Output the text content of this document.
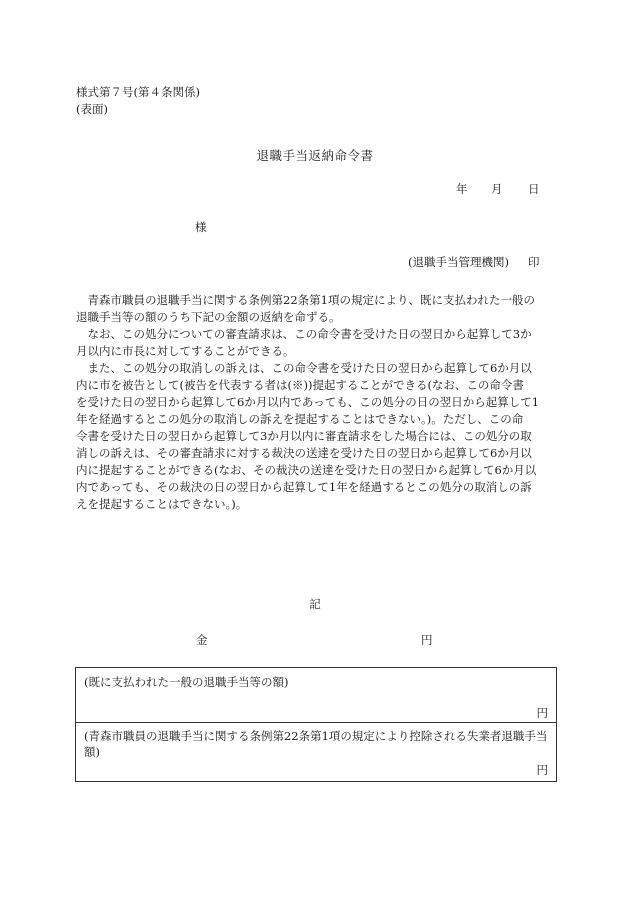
様式第７号(第４条関係)
(表面)
退職手当返納命令書
年 月 日
様
(退職手当管理機関) 印
　青森市職員の退職手当に関する条例第22条第1項の規定により、既に支払われた一般の
退職手当等の額のうち下記の金額の返納を命ずる。
　なお、この処分についての審査請求は、この命令書を受けた日の翌日から起算して3か
月以内に市長に対してすることができる。
　また、この処分の取消しの訴えは、この命令書を受けた日の翌日から起算して6か月以
内に市を被告として(被告を代表する者は(※))提起することができる(なお、この命令書
を受けた日の翌日から起算して6か月以内であっても、この処分の日の翌日から起算して1
年を経過するとこの処分の取消しの訴えを提起することはできない。)。ただし、この命
令書を受けた日の翌日から起算して3か月以内に審査請求をした場合には、この処分の取
消しの訴えは、その審査請求に対する裁決の送達を受けた日の翌日から起算して6か月以
内に提起することができる(なお、その裁決の送達を受けた日の翌日から起算して6か月以
内であっても、その裁決の日の翌日から起算して1年を経過するとこの処分の取消しの訴
えを提起することはできない。)。
記
金	円
(既に支払われた一般の退職手当等の額)
円
(青森市職員の退職手当に関する条例第22条第1項の規定により控除される失業者退職手当額)
円
